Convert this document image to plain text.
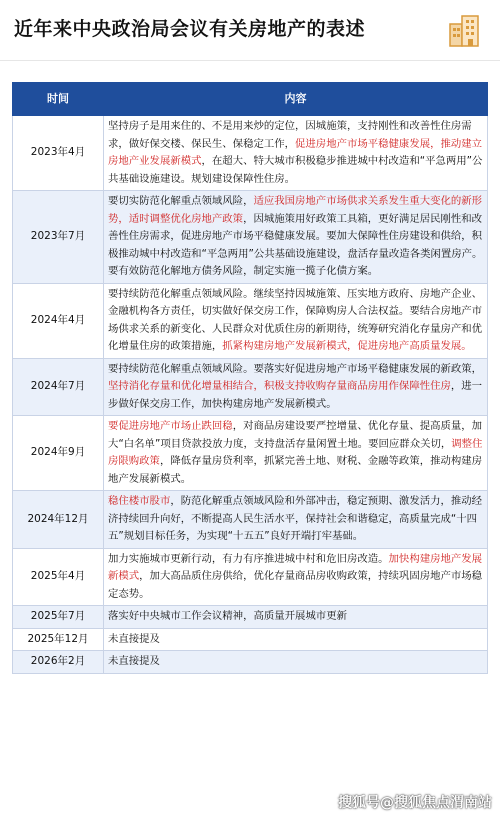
近年来中央政治局会议有关房地产的表述
时间	内容
2023年4月	坚持房子是用来住的、不是用来炒的定位，因城施策，支持刚性和改善性住房需求，做好保交楼、保民生、保稳定工作，促进房地产市场平稳健康发展，推动建立房地产业发展新模式，在超大、特大城市积极稳步推进城中村改造和“平急两用”公共基础设施建设。规划建设保障性住房。
2023年7月	要切实防范化解重点领域风险，适应我国房地产市场供求关系发生重大变化的新形势，适时调整优化房地产政策，因城施策用好政策工具箱，更好满足居民刚性和改善性住房需求，促进房地产市场平稳健康发展。要加大保障性住房建设和供给，积极推动城中村改造和“平急两用”公共基础设施建设，盘活存量改造各类闲置房产。要有效防范化解地方债务风险，制定实施一揽子化债方案。
2024年4月	要持续防范化解重点领域风险。继续坚持因城施策、压实地方政府、房地产企业、金融机构各方责任，切实做好保交房工作，保障购房人合法权益。要结合房地产市场供求关系的新变化、人民群众对优质住房的新期待，统筹研究消化存量房产和优化增量住房的政策措施，抓紧构建房地产发展新模式，促进房地产高质量发展。
2024年7月	要持续防范化解重点领域风险。要落实好促进房地产市场平稳健康发展的新政策，坚持消化存量和优化增量相结合，积极支持收购存量商品房用作保障性住房，进一步做好保交房工作，加快构建房地产发展新模式。
2024年9月	要促进房地产市场止跌回稳，对商品房建设要严控增量、优化存量、提高质量，加大“白名单”项目贷款投放力度，支持盘活存量闲置土地。要回应群众关切，调整住房限购政策，降低存量房贷利率，抓紧完善土地、财税、金融等政策，推动构建房地产发展新模式。
2024年12月	稳住楼市股市，防范化解重点领域风险和外部冲击，稳定预期、激发活力，推动经济持续回升向好，不断提高人民生活水平，保持社会和谐稳定，高质量完成“十四五”规划目标任务，为实现“十五五”良好开端打牢基础。
2025年4月	加力实施城市更新行动，有力有序推进城中村和危旧房改造。加快构建房地产发展新模式，加大高品质住房供给，优化存量商品房收购政策，持续巩固房地产市场稳定态势。
2025年7月	落实好中央城市工作会议精神，高质量开展城市更新
2025年12月	未直接提及
2026年2月	未直接提及
搜狐号@搜狐焦点渭南站
